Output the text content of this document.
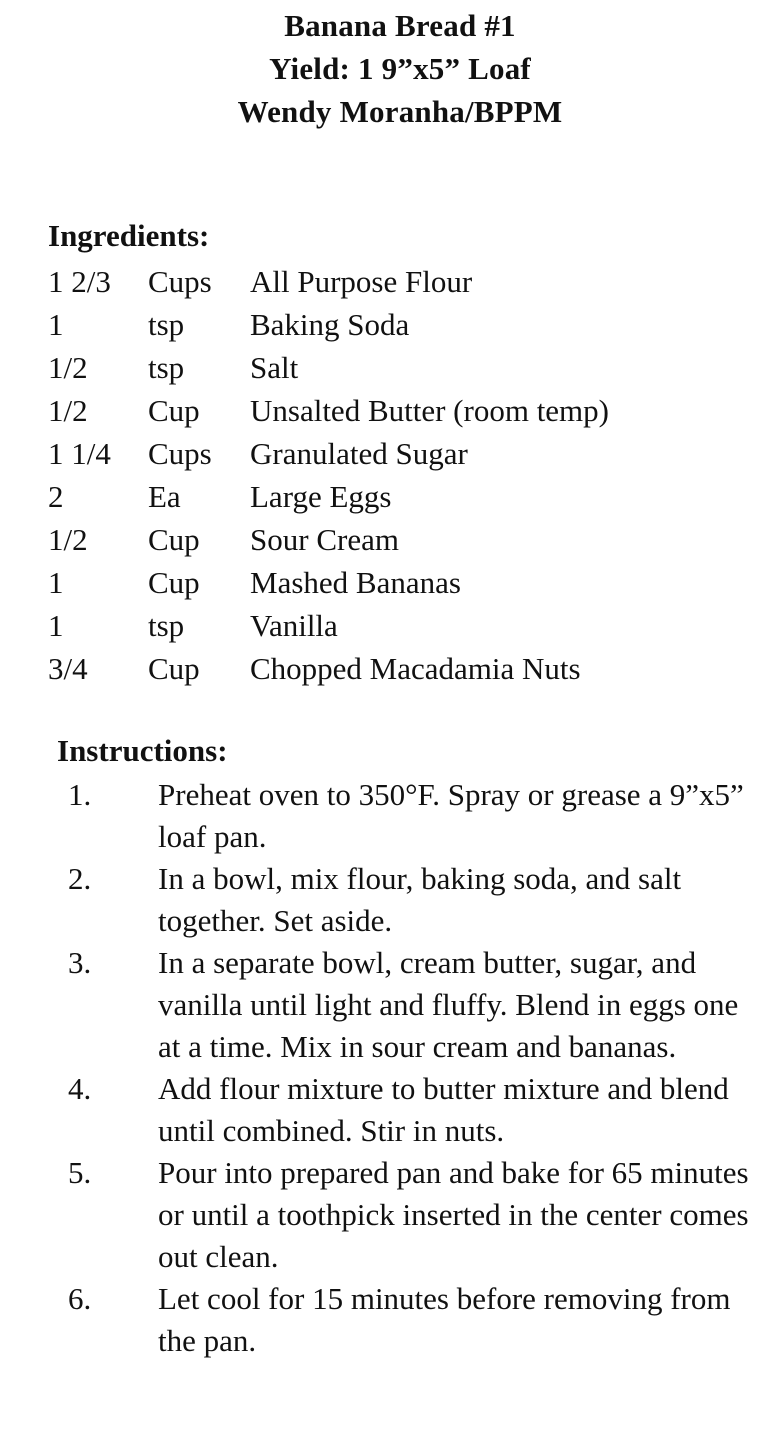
Banana Bread #1
Yield: 1 9”x5” Loaf
Wendy Moranha/BPPM
Ingredients:
1 2/3	Cups	All Purpose Flour
1	tsp	Baking Soda
1/2	tsp	Salt
1/2	Cup	Unsalted Butter (room temp)
1 1/4	Cups	Granulated Sugar
2	Ea	Large Eggs
1/2	Cup	Sour Cream
1	Cup	Mashed Bananas
1	tsp	Vanilla
3/4	Cup	Chopped Macadamia Nuts
Instructions:
1.	Preheat oven to 350°F. Spray or grease a 9”x5” loaf pan.
2.	In a bowl, mix flour, baking soda, and salt together. Set aside.
3.	In a separate bowl, cream butter, sugar, and vanilla until light and fluffy. Blend in eggs one at a time. Mix in sour cream and bananas.
4.	Add flour mixture to butter mixture and blend until combined. Stir in nuts.
5.	Pour into prepared pan and bake for 65 minutes or until a toothpick inserted in the center comes out clean.
6.	Let cool for 15 minutes before removing from the pan.
